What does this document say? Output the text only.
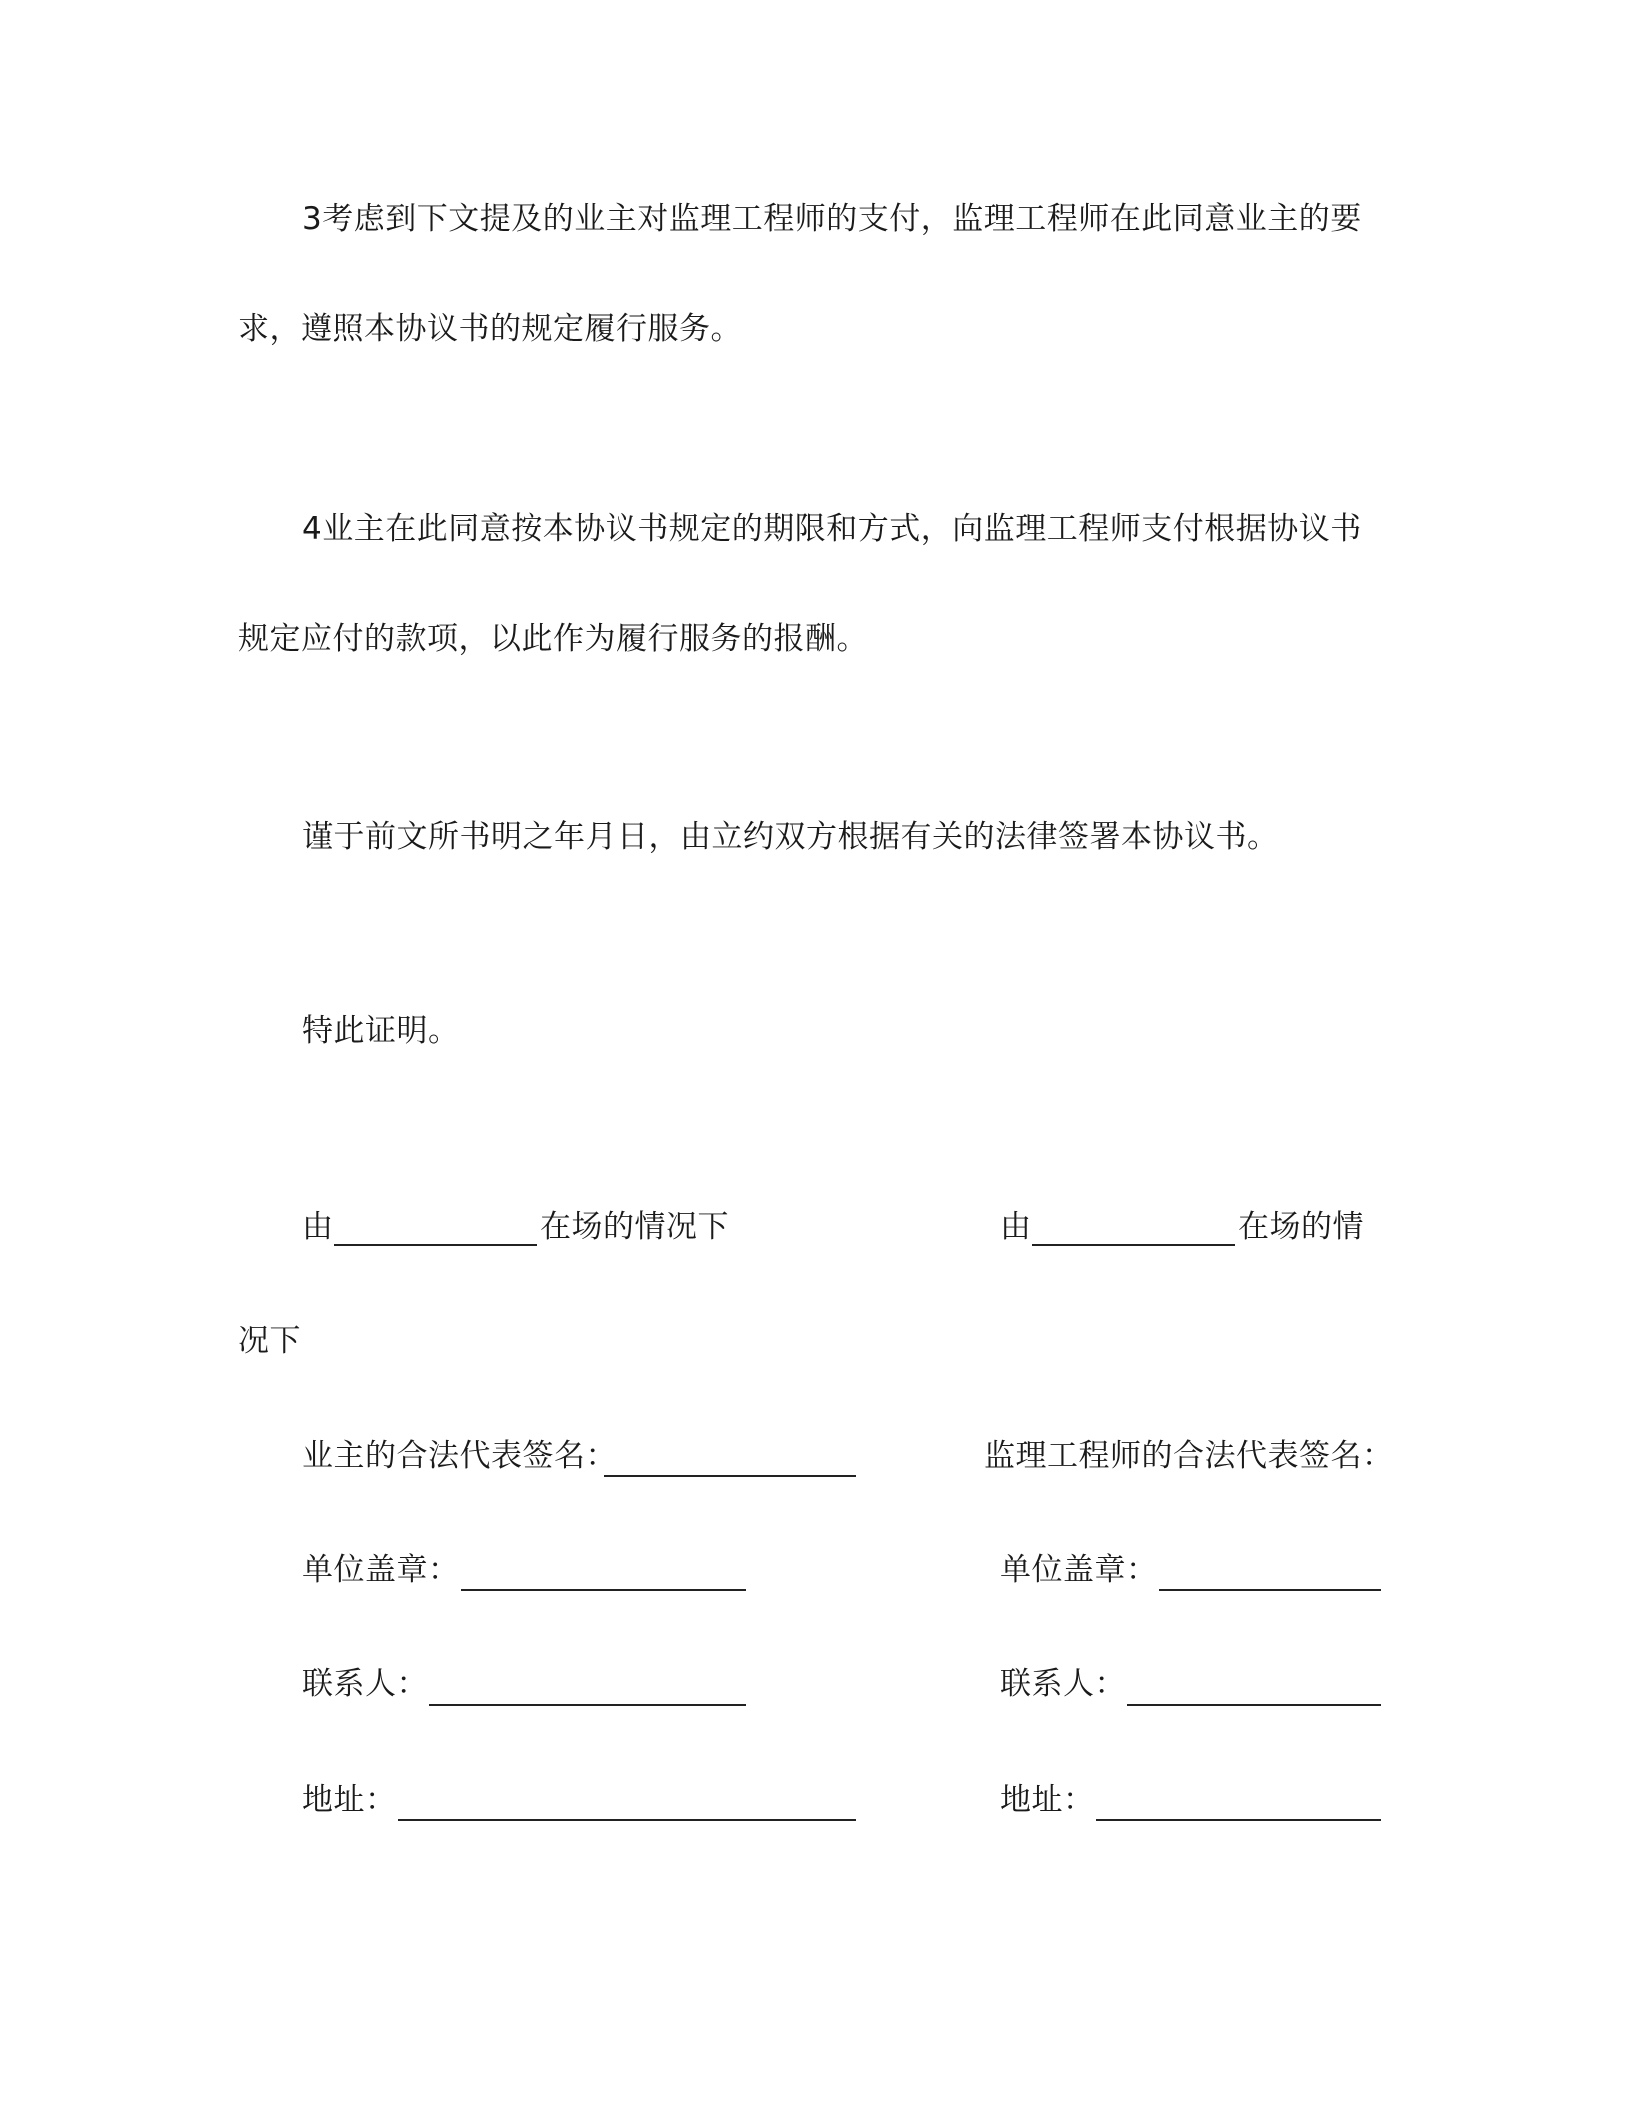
3考虑到下文提及的业主对监理工程师的支付，监理工程师在此同意业主的要
求，遵照本协议书的规定履行服务。
4业主在此同意按本协议书规定的期限和方式，向监理工程师支付根据协议书
规定应付的款项，以此作为履行服务的报酬。
谨于前文所书明之年月日，由立约双方根据有关的法律签署本协议书。
特此证明。
由	在场的情况下	由	在场的情
况下
业主的合法代表签名：	监理工程师的合法代表签名：
单位盖章：	单位盖章：
联系人：	联系人：
地址：	地址：
